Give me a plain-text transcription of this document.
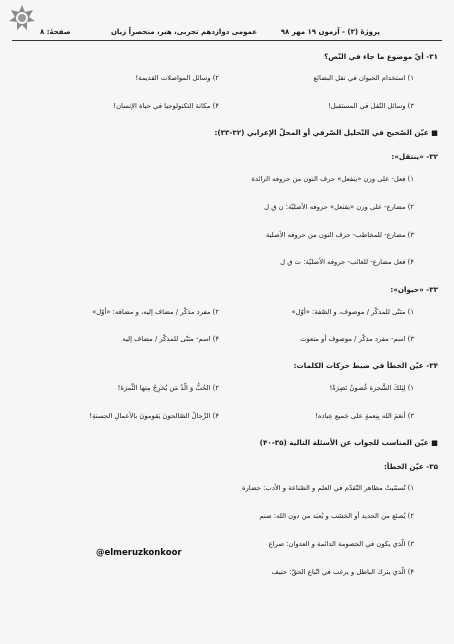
پروژهٔ (۳) - آزمون ۱۹ مهر ۹۸
عمومی دوازدهم تجربی، هنر، منحصراً زبان
صفحهٔ: ۸
۳۱- أيّ موضوع ما جاء في النّص؟
۱) استخدام الحيوان في نقل البضائع
۲) وسائل المواصلات القديمة!
۳) وسائل النّقل في المستقبل!
۴) مكانة التكنولوجيا في حياة الإنسان!
■ عيّن الصّحيح في التّحليل الصّرفي أو المحلّ الإعرابي (۳۲-۳۳):
۳۲- «ينتقل»:
۱) فعل- على وزن «ينفعل» حرف النون من حروفه الزائدة
۲) مضارع- على وزن «يفتعل» حروفه الأصليّة: ن ق ل
۳) مضارع- للمخاطب- حرف النون من حروفه الأصلية
۴) فعل مضارع- للغائب- حروفه الأصليّة: ت ق ل
۳۳- «حيوان»:
۱) مثنّى للمذكّر / موصوف، و الصّفة: «أوّل»
۲) مفرد مذكّر / مضاف إليه، و مضافه: «أوّل»
۳) اسم- مفرد مذكّر / موصوف أو منعوت
۴) اسم- مثنّى للمذكّر / مضاف إليه
۳۴- عيّن الخطأ في ضبط حركات الكلمات:
۱) لِتِلكَ الشَّجرة غُصونٌ نَضِرَةٌ!
۲) الحُبُّ وَ الّذُ مَن يُخرِجُ مِنها الثَّمرَةَ!
۳) أنعَمَ الله بِنِعمةٍ على جَميع عِباده!
۴) الرِّجالُ الصّالحونَ يَقومونَ بالأعمالِ الحسنةِ!
■ عيّن المناسب للجواب عن الأسئلة التالية (۳۵-۴۰)
۳۵- عيّن الخطأ:
۱) تُسمّيتُ مظاهر التّقدّم في العلم و الصّناعة و الأدب: حضارة
۲) يُصنَع من الحديد أو الخشب و يُعبَد من دون الله: صنم
۳) الّذي يكون في الخصومة الدائمة و العدوان: صراع
۴) الّذي يترك الباطل و يرغب في اتّباع الحقّ: حنيف
@elmeruzkonkoor
